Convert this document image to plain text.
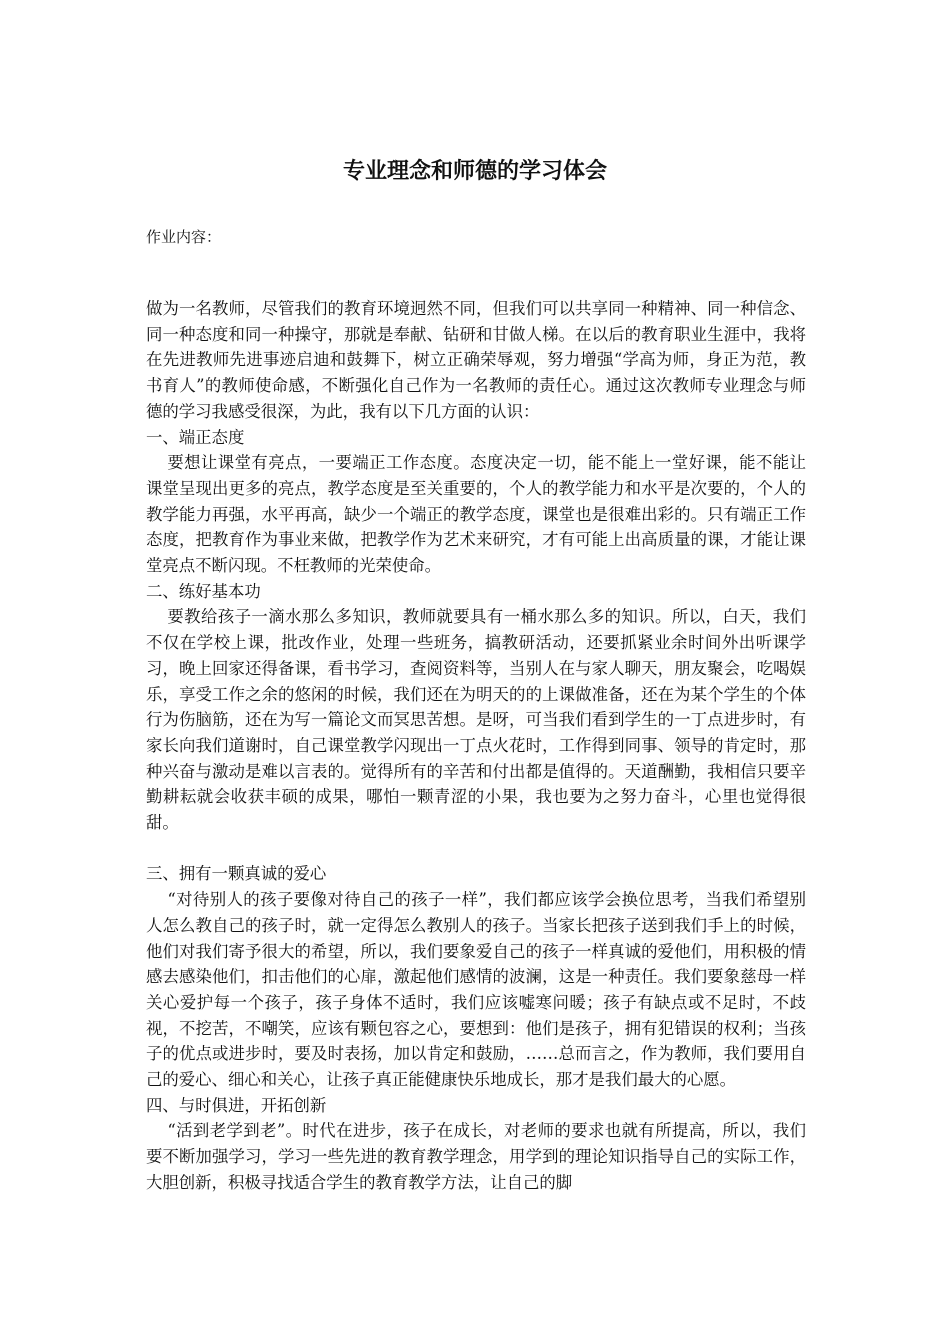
专业理念和师德的学习体会
作业内容：

做为一名教师，尽管我们的教育环境迥然不同，但我们可以共享同一种精神、同一种信念、同一种态度和同一种操守，那就是奉献、钻研和甘做人梯。在以后的教育职业生涯中，我将在先进教师先进事迹启迪和鼓舞下，树立正确荣辱观，努力增强“学高为师，身正为范，教书育人”的教师使命感，不断强化自己作为一名教师的责任心。通过这次教师专业理念与师德的学习我感受很深，为此，我有以下几方面的认识：

一、端正态度

要想让课堂有亮点，一要端正工作态度。态度决定一切，能不能上一堂好课，能不能让课堂呈现出更多的亮点，教学态度是至关重要的，个人的教学能力和水平是次要的，个人的教学能力再强，水平再高，缺少一个端正的教学态度，课堂也是很难出彩的。只有端正工作态度，把教育作为事业来做，把教学作为艺术来研究，才有可能上出高质量的课，才能让课堂亮点不断闪现。不枉教师的光荣使命。

二、练好基本功

要教给孩子一滴水那么多知识，教师就要具有一桶水那么多的知识。所以，白天，我们不仅在学校上课，批改作业，处理一些班务，搞教研活动，还要抓紧业余时间外出听课学习，晚上回家还得备课，看书学习，查阅资料等，当别人在与家人聊天，朋友聚会，吃喝娱乐，享受工作之余的悠闲的时候，我们还在为明天的的上课做准备，还在为某个学生的个体行为伤脑筋，还在为写一篇论文而冥思苦想。是呀，可当我们看到学生的一丁点进步时，有家长向我们道谢时，自己课堂教学闪现出一丁点火花时，工作得到同事、领导的肯定时，那种兴奋与激动是难以言表的。觉得所有的辛苦和付出都是值得的。天道酬勤，我相信只要辛勤耕耘就会收获丰硕的成果，哪怕一颗青涩的小果，我也要为之努力奋斗，心里也觉得很甜。

三、拥有一颗真诚的爱心

“对待别人的孩子要像对待自己的孩子一样”，我们都应该学会换位思考，当我们希望别人怎么教自己的孩子时，就一定得怎么教别人的孩子。当家长把孩子送到我们手上的时候，他们对我们寄予很大的希望，所以，我们要象爱自己的孩子一样真诚的爱他们，用积极的情感去感染他们，扣击他们的心扉，激起他们感情的波澜，这是一种责任。我们要象慈母一样关心爱护每一个孩子，孩子身体不适时，我们应该嘘寒问暖；孩子有缺点或不足时，不歧视，不挖苦，不嘲笑，应该有颗包容之心，要想到：他们是孩子，拥有犯错误的权利；当孩子的优点或进步时，要及时表扬，加以肯定和鼓励，……总而言之，作为教师，我们要用自己的爱心、细心和关心，让孩子真正能健康快乐地成长，那才是我们最大的心愿。

四、与时俱进，开拓创新

“活到老学到老”。时代在进步，孩子在成长，对老师的要求也就有所提高，所以，我们要不断加强学习，学习一些先进的教育教学理念，用学到的理论知识指导自己的实际工作，大胆创新，积极寻找适合学生的教育教学方法，让自己的脚
